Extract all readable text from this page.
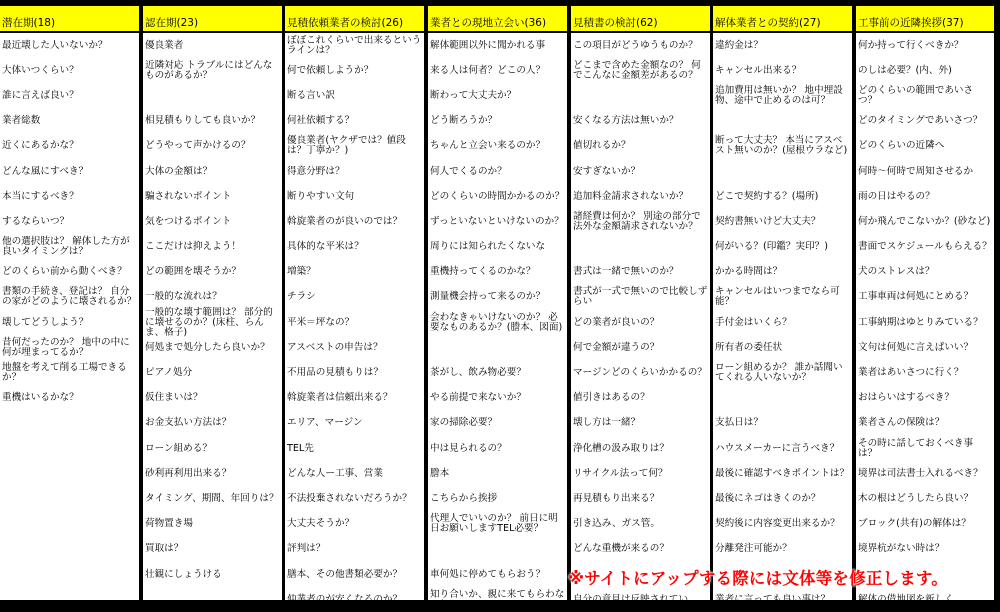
潜在期(18)
最近壊した人いないか？
大体いつくらい？
誰に言えば良い？
業者総数
近くにあるかな？
どんな風にすべき？
本当にするべき？
するならいつ？
他の選択肢は？ 解体した方が良いタイミングは？
どのくらい前から動くべき？
書類の手続き、登記は？ 自分の家がどのように壊されるか？
壊してどうしよう？
昔何だったのか？ 地中の中に何が埋まってるか？
地盤を考えて削る工場できるか？
重機はいるかな？
認在期(23)
優良業者
近隣対応 トラブルにはどんなものがあるか？
相見積もりしても良いか？
どうやって声かけるの？
大体の金額は？
騙されないポイント
気をつけるポイント
ここだけは抑えよう！
どの範囲を壊そうか？
一般的な流れは？
一般的な壊す範囲は？ 部分的に壊せるのか？(床柱、らんま、格子)
何処まで処分したら良いか？
ピアノ処分
仮住まいは？
お金支払い方法は？
ローン組める？
砂利再利用出来る？
タイミング、期間、年回りは？
荷物置き場
買取は？
壮観にしょうける
見積依頼業者の検討(26)
ぼぼこれくらいで出来るというラインは？
何で依頼しようか？
断る言い訳
何社依頼する？
優良業者(ヤクザでは？値段は？丁寧か？)
得意分野は？
断りやすい文句
斡旋業者のが良いのでは？
具体的な平米は？
増築？
チラシ
平米＝坪なの？
アスベストの申告は？
不用品の見積もりは？
斡旋業者は信頼出来る？
エリア、マージン
TEL先
どんな人ー工事、営業
不法投棄されないだろうか？
大丈夫そうか？
評判は？
膳本、その他書類必要か？
仲業者のが安くなるのか？
業者との現地立会い(36)
解体範囲以外に聞かれる事
来る人は何者？どこの人？
断わって大丈夫か？
どう断ろうか？
ちゃんと立会い来るのか？
何人でくるのか？
どのくらいの時間かかるのか？
ずっといないといけないのか？
周りには知られたくないな
重機持ってくるのかな？
測量機会持って来るのか？
会わなきゃいけないのか？ 必要なものあるか？(謄本、図面)
茶がし、飲み物必要？
やる前提で来ないか？
家の掃除必要？
中は見られるの？
謄本
こちらから挨拶
代理人でいいのか？ 前日に明日お願いしますTEL必要？
車何処に停めてもらおう？
知り合いか、親に来てもらわないと
見積書の検討(62)
この項目がどうゆうものか？
どこまで含めた金額なの？ 何でこんなに金額差があるの？
安くなる方法は無いか？
値切れるか？
安すぎないか？
追加料金請求されないか？
諸経費は何か？ 別途の部分で法外な金額請求されないか？
書式は一緒で無いのか？
書式が一式で無いので比較しずらい
どの業者が良いの？
何で金額が違うの？
マージンどのくらいかかるの？
値引きはあるの？
壊し方は一緒？
浄化槽の汲み取りは？
リサイクル法って何？
再見積もり出来る？
引き込み、ガス管。
どんな重機が来るの？
自分の意見は反映されてい
解体業者との契約(27)
違約金は？
キャンセル出来る？
追加費用は無いか？ 地中埋設物、途中で止めるのは可？
断って大丈夫？ 本当にアスベスト無いのか？(屋根ウラなど)
どこで契約する？(場所)
契約書無いけど大丈夫？
何がいる？(印鑑？実印？)
かかる時間は？
キャンセルはいつまでなら可能？
手付金はいくら？
所有者の委任状
ローン組めるか？ 誰か話聞いてくれる人いないか？
支払日は？
ハウスメーカーに言うべき？
最後に確認すべきポイントは？
最後にネゴはきくのか？
契約後に内容変更出来るか？
分離発注可能か？
業者に言っても良い事は？
工事前の近隣挨拶(37)
何か持って行くべきか？
のしは必要？(内、外)
どのくらいの範囲であいさつ？
どのタイミングであいさつ？
どのくらいの近隣へ
何時～何時で周知させるか
雨の日はやるの？
何か飛んでこないか？(砂など)
書面でスケジュールもらえる？
犬のストレスは？
工事車両は何処にとめる？
工事納期はゆとりみている？
文句は何処に言えばいい？
業者はあいさつに行く？
おはらいはするべき？
業者さんの保険は？
その時に話しておくべき事は？
境界は司法書士入れるべき？
木の根はどうしたら良い？
ブロック(共有)の解体は？
境界杭がない時は？
解体の借地図を新しく
※サイトにアップする際には文体等を修正します。
